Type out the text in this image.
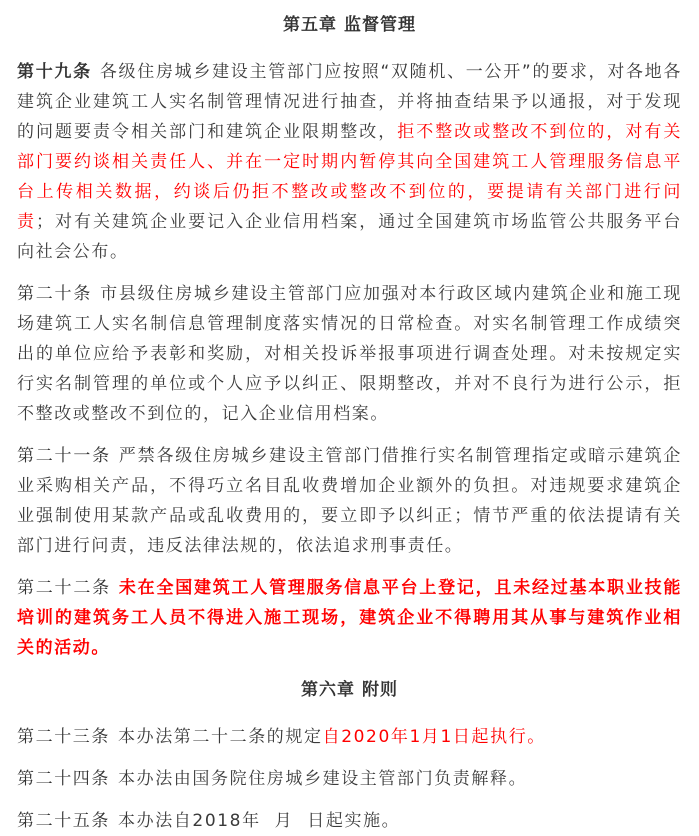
第五章 监督管理

第十九条 各级住房城乡建设主管部门应按照“双随机、一公开”的要求，对各地各建筑企业建筑工人实名制管理情况进行抽查，并将抽查结果予以通报，对于发现的问题要责令相关部门和建筑企业限期整改，拒不整改或整改不到位的，对有关部门要约谈相关责任人、并在一定时期内暂停其向全国建筑工人管理服务信息平台上传相关数据，约谈后仍拒不整改或整改不到位的，要提请有关部门进行问责；对有关建筑企业要记入企业信用档案，通过全国建筑市场监管公共服务平台向社会公布。

第二十条 市县级住房城乡建设主管部门应加强对本行政区域内建筑企业和施工现场建筑工人实名制信息管理制度落实情况的日常检查。对实名制管理工作成绩突出的单位应给予表彰和奖励，对相关投诉举报事项进行调查处理。对未按规定实行实名制管理的单位或个人应予以纠正、限期整改，并对不良行为进行公示，拒不整改或整改不到位的，记入企业信用档案。

第二十一条 严禁各级住房城乡建设主管部门借推行实名制管理指定或暗示建筑企业采购相关产品，不得巧立名目乱收费增加企业额外的负担。对违规要求建筑企业强制使用某款产品或乱收费用的，要立即予以纠正；情节严重的依法提请有关部门进行问责，违反法律法规的，依法追求刑事责任。

第二十二条 未在全国建筑工人管理服务信息平台上登记，且未经过基本职业技能培训的建筑务工人员不得进入施工现场，建筑企业不得聘用其从事与建筑作业相关的活动。

第六章 附则

第二十三条 本办法第二十二条的规定自2020年1月1日起执行。

第二十四条 本办法由国务院住房城乡建设主管部门负责解释。

第二十五条 本办法自2018年  月  日起实施。
